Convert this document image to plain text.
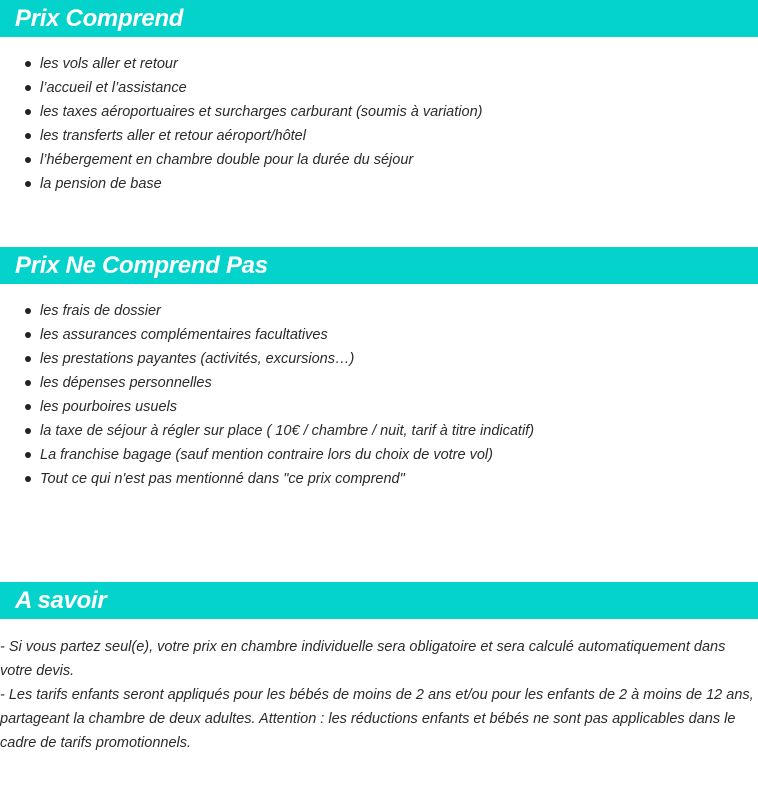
Prix Comprend
les vols aller et retour
l’accueil et l’assistance
les taxes aéroportuaires et surcharges carburant (soumis à variation)
les transferts aller et retour aéroport/hôtel
l’hébergement en chambre double pour la durée du séjour
la pension de base
Prix Ne Comprend Pas
les frais de dossier
les assurances complémentaires facultatives
les prestations payantes (activités, excursions…)
les dépenses personnelles
les pourboires usuels
la taxe de séjour à régler sur place ( 10€ / chambre / nuit, tarif à titre indicatif)
La franchise bagage (sauf mention contraire lors du choix de votre vol)
Tout ce qui n'est pas mentionné dans "ce prix comprend"
A savoir

- Si vous partez seul(e), votre prix en chambre individuelle sera obligatoire et sera calculé automatiquement dans votre devis.

- Les tarifs enfants seront appliqués pour les bébés de moins de 2 ans et/ou pour les enfants de 2 à moins de 12 ans, partageant la chambre de deux adultes. Attention : les réductions enfants et bébés ne sont pas applicables dans le cadre de tarifs promotionnels.
